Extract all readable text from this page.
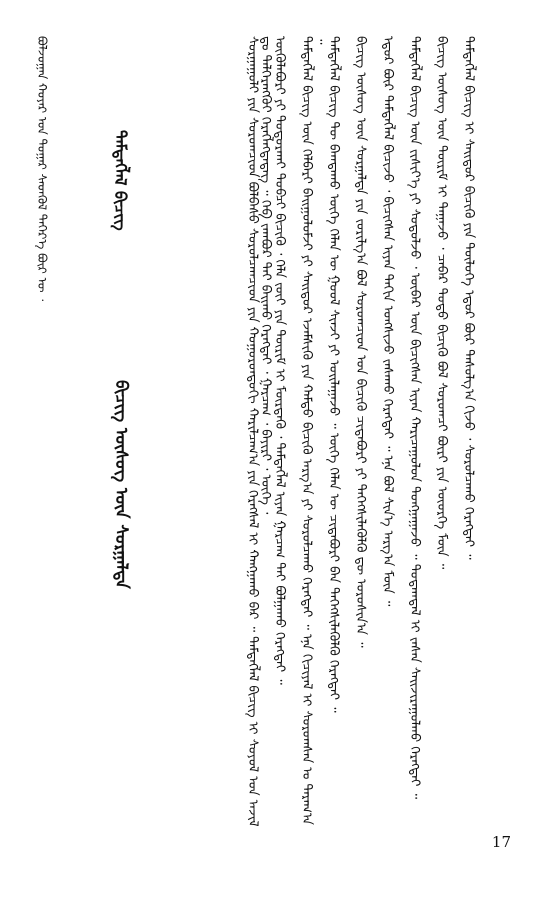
ᠪᠣᠯᠵᠣᠭᠠᠨ ᠬᠣᠶᠠᠷ ᠤᠨ ᠳᠤᠭᠠᠷ ᠰᠡᠳᠬᠦᠯ ᠳᠡᠭᠡᠷ᠎ᠡ ᠪᠦᠷ ᠦ ᠂	ᠲᠡᠮᠳᠡᠭᠯᠡᠯ ᠪᠢᠴᠢᠭ
ᠪᠢᠴᠢᠭ ᠦᠰᠦᠭ ᠦᠨ ᠰᠤᠷᠭᠠᠯᠲᠠ	ᠰᠤᠷᠭᠠᠭᠤᠯᠢ ᠶᠢᠨ ᠰᠤᠷᠤᠭᠴᠢᠳ ᠪᠣᠯᠪᠠᠰᠤ ᠰᠤᠷᠤᠯᠴᠠᠭᠴᠢᠳ ᠶᠢᠨ ᠬᠣᠭᠣᠷᠣᠨᠳᠣᠬᠢ ᠬᠠᠷᠢᠯᠴᠠᠭ᠎ᠠ ᠶᠢᠨ ᠬᠡᠷᠡᠭᠰᠡᠯ ᠢ ᠬᠠᠩᠭᠠᠬᠤ ᠪᠠᠷ ᠃ ᠲᠡᠮᠳᠡᠭᠯᠡᠯ ᠪᠢᠴᠢᠭ ᠢ ᠰᠣᠶᠣᠯ ᠤᠨ ᠠᠵᠢᠯ ᠳᠤ ᠳᠡᠯᠭᠡᠷᠡᠩᠭᠦᠢ ᠬᠡᠷᠡᠭᠯᠡᠭᠳᠡᠳᠡᠭ ᠃ ᠬᠡᠪ ᠵᠠᠭᠪᠤᠷ ᠲᠠᠢ ᠪᠠᠢᠬᠤ ᠬᠡᠷᠡᠭᠲᠡᠢ ᠂ ᠭᠠᠷᠴᠠᠭ ᠂ ᠪᠠᠶᠢᠷᠢ ᠂ ᠦᠭᠡ ᠂ ᠦᠭᠦᠯᠡᠪᠦᠷᠢ ᠶᠢ ᠲᠣᠳᠣᠷᠬᠠᠢ ᠲᠣᠪᠴᠢ ᠪᠢᠴᠢᠬᠦ ᠂ ᠬᠡᠯᠡ ᠵᠦᠢ ᠶᠢᠨ ᠳᠦᠷᠢᠮ ᠢ ᠮᠥᠷᠳᠡᠬᠦ ᠂ ᠲᠡᠮᠳᠡᠭᠯᠡᠯ ᠢᠶᠡᠨ ᠭᠠᠷᠴᠠᠭ ᠲᠠᠢ ᠪᠣᠯᠭᠠᠬᠤ ᠬᠡᠷᠡᠭᠲᠡᠢ ᠃ ᠲᠡᠮᠳᠡᠭᠯᠡᠯ ᠪᠢᠴᠢᠭ ᠦᠨ ᠬᠡᠯᠪᠡᠷᠢ ᠪᠠᠢᠭᠤᠯᠤᠮᠵᠢ ᠶᠢ ᠰᠠᠢᠲᠤᠷ ᠡᠵᠡᠮᠰᠢᠬᠦ ᠶᠢᠨ ᠬᠠᠮᠲᠤ ᠪᠢᠴᠢᠬᠦ ᠠᠷᠭ᠎ᠠ ᠶᠢ ᠰᠤᠷᠤᠯᠴᠠᠬᠤ ᠬᠡᠷᠡᠭᠲᠡᠢ ᠃ ᠡᠨᠡ ᠬᠢᠴᠢᠶᠡᠯ ᠢ ᠰᠤᠷᠤᠭᠰᠠᠨ ᠤ ᠳᠠᠷᠠᠭ᠎ᠠ ᠃ ᠲᠡᠮᠳᠡᠭᠯᠡᠯ ᠪᠢᠴᠢᠭ ᠲᠦ ᠪᠠᠭᠲᠠᠬᠤ ᠦᠭᠡ ᠬᠡᠯᠡᠨ ᠦ ᠭᠤᠤᠯ ᠰᠢᠨᠵᠢ ᠶᠢ ᠣᠢᠯᠠᠭᠠᠵᠤ ᠃ ᠦᠭᠡ ᠬᠡᠯᠡᠨ ᠦ ᠴᠢᠳᠠᠪᠤᠷᠢ ᠪᠡᠨ ᠳᠡᠭᠡᠭᠰᠢᠯᠡᠭᠦᠯᠬᠦ ᠬᠡᠷᠡᠭᠲᠡᠢ ᠃ ᠪᠢᠴᠢᠭ ᠦᠰᠦᠭ ᠦᠨ ᠰᠤᠷᠭᠠᠯᠲᠠ ᠶᠢᠨ ᠵᠣᠷᠢᠯᠭ᠎ᠠ ᠪᠣᠯ ᠰᠤᠷᠤᠭᠴᠢᠳ ᠤᠨ ᠪᠢᠴᠢᠬᠦ ᠴᠢᠳᠠᠪᠤᠷᠢ ᠶᠢ ᠳᠡᠭᠡᠭᠰᠢᠯᠡᠭᠦᠯᠬᠦ ᠳᠦ ᠣᠷᠣᠰᠢᠨ᠎ᠠ ᠃ ᠡᠳᠦᠷ ᠪᠦᠷ ᠲᠡᠮᠳᠡᠭᠯᠡᠯ ᠪᠢᠴᠢᠵᠦ ᠂ ᠪᠢᠴᠢᠭᠰᠡᠨ ᠢᠶᠡᠨ ᠳᠠᠬᠢᠨ ᠤᠩᠰᠢᠵᠤ ᠵᠠᠰᠠᠬᠤ ᠬᠡᠷᠡᠭᠲᠡᠢ ᠃ ᠡᠨᠡ ᠪᠣᠯ ᠰᠢᠨ᠎ᠡ ᠠᠷᠭ᠎ᠠ ᠮᠥᠨ ᠃ ᠲᠡᠮᠳᠡᠭᠯᠡᠯ ᠪᠢᠴᠢᠭ ᠦᠨ ᠵᠢᠱᠢᠶ᠎ᠡ ᠶᠢ ᠰᠤᠳᠤᠯᠵᠤ ᠂ ᠥᠪᠡᠷ ᠦᠨ ᠪᠢᠴᠢᠭᠰᠡᠨ ᠢᠶᠡᠨ ᠬᠠᠷᠢᠴᠠᠭᠤᠯᠤᠨ ᠲᠤᠩᠭᠠᠭᠠᠵᠤ ᠃ ᠳᠤᠲᠠᠭᠳᠠᠯ ᠢ ᠵᠠᠰᠠᠨ ᠰᠠᠢᠵᠢᠷᠠᠭᠤᠯᠬᠤ ᠬᠡᠷᠡᠭᠲᠡᠢ ᠃ ᠪᠢᠴᠢᠭ ᠦᠰᠦᠭ ᠦᠨ ᠳᠦᠷᠢᠮ ᠢ ᠳᠠᠭᠠᠵᠤ ᠂ ᠴᠡᠪᠡᠷ ᠲᠣᠳᠣ ᠪᠢᠴᠢᠬᠦ ᠪᠣᠯ ᠰᠤᠷᠤᠭᠴᠢ ᠪᠦᠷᠢ ᠶᠢᠨ ᠦᠦᠷᠭᠡ ᠮᠥᠨ ᠃ ᠲᠡᠮᠳᠡᠭᠯᠡᠯ ᠪᠢᠴᠢᠭ ᠢ ᠰᠠᠢᠲᠤᠷ ᠪᠢᠴᠢᠬᠦ ᠶᠢᠨ ᠲᠥᠯᠥᠭᠡ ᠡᠳᠦᠷ ᠪᠦᠷ ᠳᠠᠰᠤᠯᠭ᠎ᠠ ᠬᠢᠵᠦ ᠂ ᠰᠤᠷᠤᠯᠴᠠᠬᠤ ᠬᠡᠷᠡᠭᠲᠡᠢ ᠃
17
